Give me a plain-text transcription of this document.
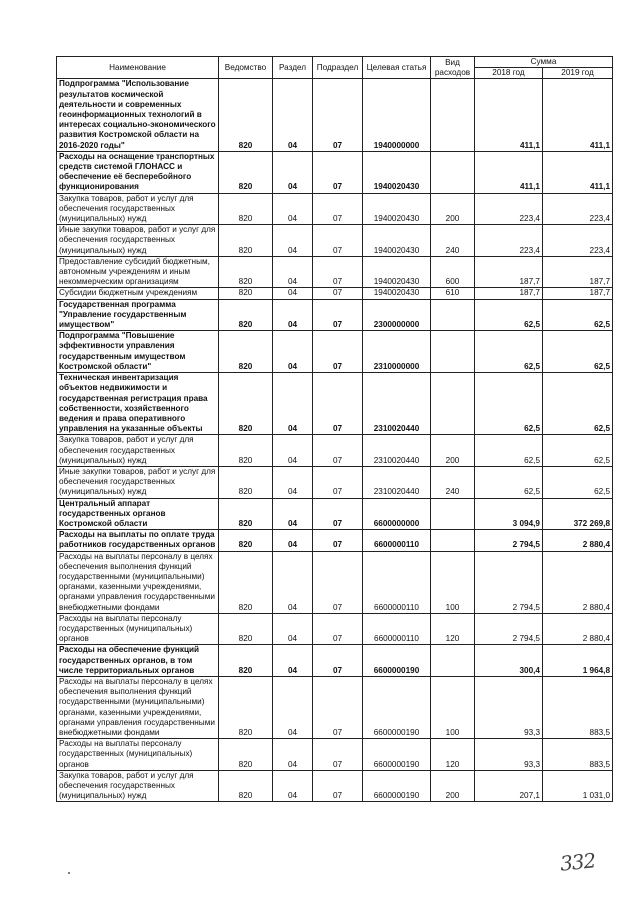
Наименование	Ведомство	Раздел	Подраздел	Целевая статья	Вид расходов	Сумма	
						2018 год	2019 год
Подпрограмма "Использование результатов космической деятельности и современных геоинформационных технологий в интересах социально-экономического развития Костромской области на 2016-2020 годы"	820	04	07	1940000000		411,1	411,1
Расходы на оснащение транспортных средств системой ГЛОНАСС и обеспечение её бесперебойного функционирования	820	04	07	1940020430		411,1	411,1
Закупка товаров, работ и услуг для обеспечения государственных (муниципальных) нужд	820	04	07	1940020430	200	223,4	223,4
Иные закупки товаров, работ и услуг для обеспечения государственных (муниципальных) нужд	820	04	07	1940020430	240	223,4	223,4
Предоставление субсидий бюджетным, автономным учреждениям и иным некоммерческим организациям	820	04	07	1940020430	600	187,7	187,7
Субсидии бюджетным учреждениям	820	04	07	1940020430	610	187,7	187,7
Государственная программа "Управление государственным имуществом"	820	04	07	2300000000		62,5	62,5
Подпрограмма "Повышение эффективности управления государственным имуществом Костромской области"	820	04	07	2310000000		62,5	62,5
Техническая инвентаризация объектов недвижимости и государственная регистрация права собственности, хозяйственного ведения и права оперативного управления на указанные объекты	820	04	07	2310020440		62,5	62,5
Закупка товаров, работ и услуг для обеспечения государственных (муниципальных) нужд	820	04	07	2310020440	200	62,5	62,5
Иные закупки товаров, работ и услуг для обеспечения государственных (муниципальных) нужд	820	04	07	2310020440	240	62,5	62,5
Центральный аппарат государственных органов Костромской области	820	04	07	6600000000		3 094,9	372 269,8
Расходы на выплаты по оплате труда работников государственных органов	820	04	07	6600000110		2 794,5	2 880,4
Расходы на выплаты персоналу в целях обеспечения выполнения функций государственными (муниципальными) органами, казенными учреждениями, органами управления государственными внебюджетными фондами	820	04	07	6600000110	100	2 794,5	2 880,4
Расходы на выплаты персоналу государственных (муниципальных) органов	820	04	07	6600000110	120	2 794,5	2 880,4
Расходы на обеспечение функций государственных органов, в том числе территориальных органов	820	04	07	6600000190		300,4	1 964,8
Расходы на выплаты персоналу в целях обеспечения выполнения функций государственными (муниципальными) органами, казенными учреждениями, органами управления государственными внебюджетными фондами	820	04	07	6600000190	100	93,3	883,5
Расходы на выплаты персоналу государственных (муниципальных) органов	820	04	07	6600000190	120	93,3	883,5
Закупка товаров, работ и услуг для обеспечения государственных (муниципальных) нужд	820	04	07	6600000190	200	207,1	1 031,0
332
